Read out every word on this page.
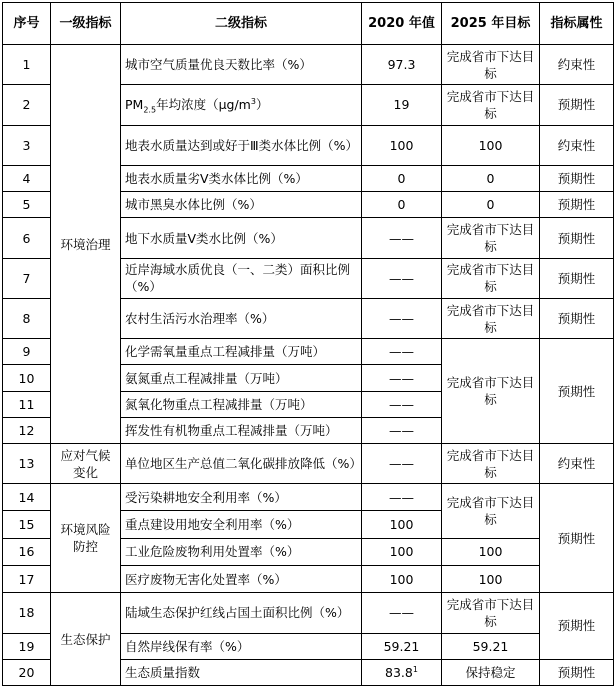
序号	一级指标	二级指标	2020 年值	2025 年目标	指标属性
1	环境治理	城市空气质量优良天数比率（%）	97.3	完成省市下达目标	约束性
2		$PM_{2.5}$年均浓度$(\mu g/m^3)$	19	完成省市下达目标	预期性
3		地表水质量达到或好于Ⅲ类水体比例（%）	100	100	约束性
4		地表水质量劣Ⅴ类水体比例（%）	0	0	预期性
5		城市黑臭水体比例（%）	0	0	预期性
6		地下水质量Ⅴ类水比例（%）	——	完成省市下达目标	预期性
7		近岸海域水质优良（一、二类）面积比例（%）	——	完成省市下达目标	预期性
8		农村生活污水治理率（%）	——	完成省市下达目标	预期性
9		化学需氧量重点工程减排量（万吨）	——	完成省市下达目标	预期性
10		氨氮重点工程减排量（万吨）	——		
11		氮氧化物重点工程减排量（万吨）	——		
12		挥发性有机物重点工程减排量（万吨）	——		
13	应对气候变化	单位地区生产总值二氧化碳排放降低（%）	——	完成省市下达目标	约束性
14	环境风险防控	受污染耕地安全利用率（%）	——	完成省市下达目标	预期性
15		重点建设用地安全利用率（%）	100		
16		工业危险废物利用处置率（%）	100	100	
17		医疗废物无害化处置率（%）	100	100	
18	生态保护	陆域生态保护红线占国土面积比例（%）	——	完成省市下达目标	预期性
19		自然岸线保有率（%）	59.21	59.21	
20		生态质量指数	83.8$^1$	保持稳定	预期性
